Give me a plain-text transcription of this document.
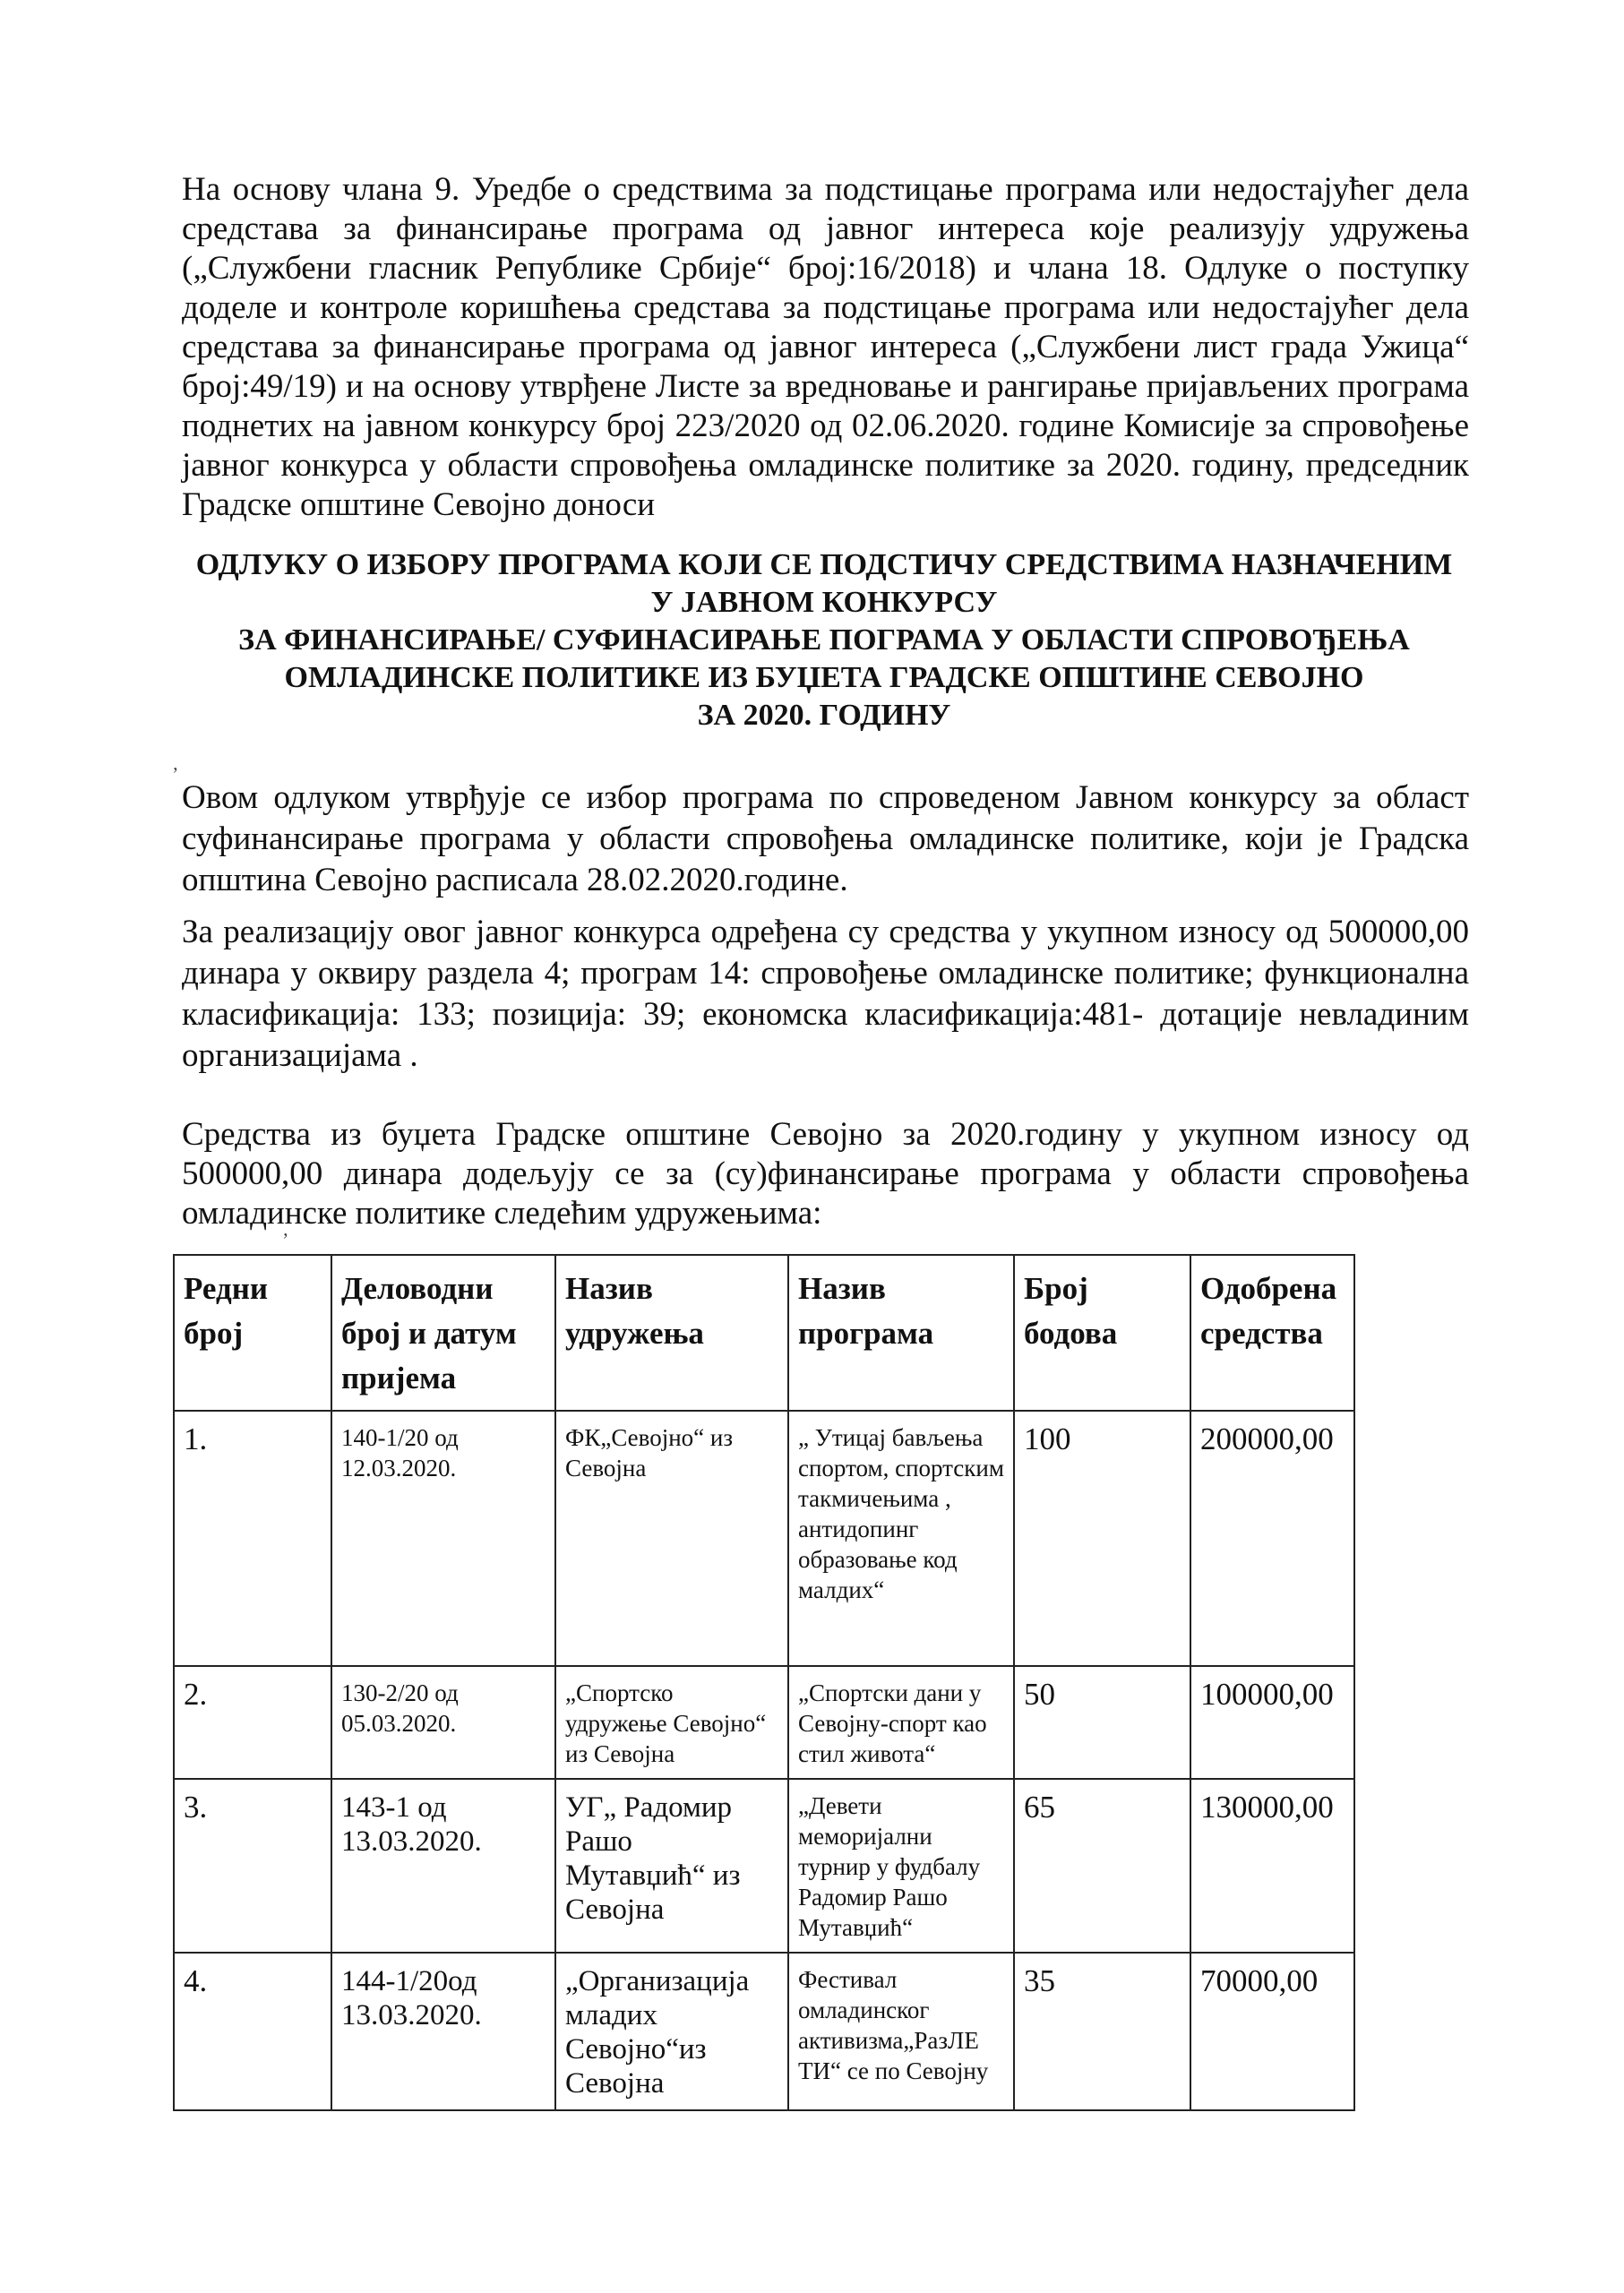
На основу члана 9. Уредбе о средствима за подстицање програма или недостајућег дела средстава за финансирање програма од јавног интереса које реализују удружења („Службени гласник Републике Србије“ број:16/2018) и члана 18. Одлуке о поступку доделе и контроле коришћења средстава за подстицање програма или недостајућег дела средстава за финансирање програма од јавног интереса („Службени лист града Ужица“ број:49/19) и на основу утврђене Листе за вредновање и рангирање пријављених програма поднетих на јавном конкурсу број 223/2020 од 02.06.2020. године Комисије за спровођење јавног конкурса у области спровођења омладинске политике за 2020. годину, председник Градске општине Севојно доноси

ОДЛУКУ О ИЗБОРУ ПРОГРАМА КОЈИ СЕ ПОДСТИЧУ СРЕДСТВИМА НАЗНАЧЕНИМ
У ЈАВНОМ КОНКУРСУ
ЗА ФИНАНСИРАЊЕ/ СУФИНАСИРАЊЕ ПОГРАМА У ОБЛАСТИ СПРОВОЂЕЊА
ОМЛАДИНСКЕ ПОЛИТИКЕ ИЗ БУЏЕТА ГРАДСКЕ ОПШТИНЕ СЕВОЈНО
ЗА 2020. ГОДИНУ
ʼ

Овом одлуком утврђује се избор програма по спроведеном Јавном конкурсу за област суфинансирање програма у области спровођења омладинске политике, који је Градска општина Севојно расписала 28.02.2020.године.

За реализацију овог јавног конкурса одређена су средства у укупном износу од 500000,00 динара у оквиру раздела 4; програм 14: спровођење омладинске политике; функционална класификација: 133; позиција: 39; економска класификација:481- дотације невладиним организацијама .

Средства из буџета Градске општине Севојно за 2020.годину у укупном износу од 500000,00 динара додељују се за (су)финансирање програма у области спровођења омладинске политике следећим удружењима:

ʼ
Редни број	Деловодни број и датум пријема	Назив удружења	Назив програма	Број бодова	Одобрена средства
1.	140-1/20 од 12.03.2020.	ФК„Севојно“ из Севојна	„ Утицај бављења спортом, спортским такмичењима , антидопинг образовање код малдих“	100	200000,00
2.	130-2/20 од 05.03.2020.	„Спортско удружење Севојно“ из Севојна	„Спортски дани у Севојну-спорт као стил живота“	50	100000,00
3.	143-1 од 13.03.2020.	УГ„ Радомир Рашо Мутавџић“ из Севојна	„Девети меморијални турнир у фудбалу Радомир Рашо Мутавџић“	65	130000,00
4.	144-1/20од 13.03.2020.	„Организација младих Севојно“из Севојна	Фестивал омладинског активизма„РазЛЕ ТИ“ се по Севојну	35	70000,00
